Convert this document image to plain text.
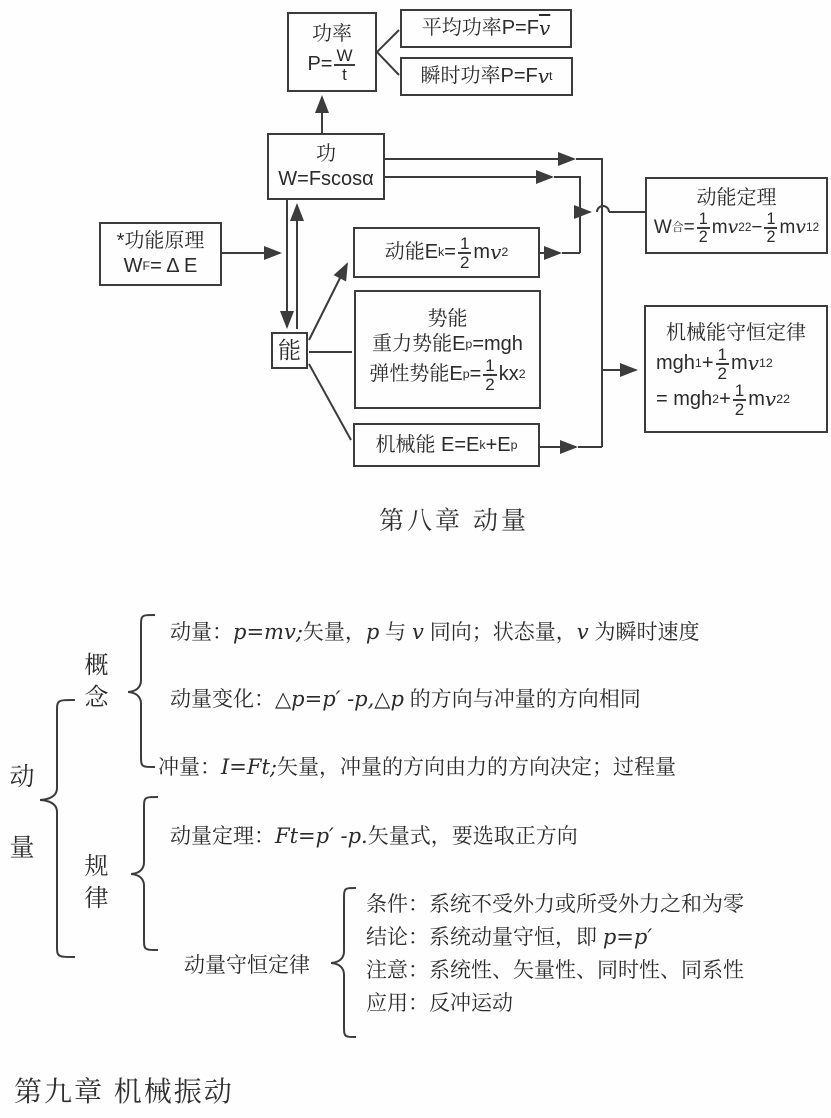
功率
$P= \frac{W}{t}$
平均功率P=F $\overline{v}$
瞬时功率P=F v t
功
W=Fscosα
*功能原理
W F = Δ E
能
动能E $k = \frac{1}{2}$ m v 2
势能
重力势能E p =mgh
弹性势能E $p = \frac{1}{2}$ kx 2
机械能 E=E k +E p
动能定理
W 合 = $\frac{1}{2}$ m v 2 $2 - \frac{1}{2}$ m v 1 2
机械能守恒定律
mgh $1 + \frac{1}{2}$ m v 1 2
= mgh $2 + \frac{1}{2}$ m v 2 2
第八章 动量
第九章 机械振动
动量
概念
规律
动量：p=mv;矢量，p 与 v 同向；状态量，v 为瞬时速度
动量变化：△p=p′ -p,△p 的方向与冲量的方向相同
冲量：I=Ft;矢量，冲量的方向由力的方向决定；过程量
动量定理：Ft=p′ -p.矢量式，要选取正方向
动量守恒定律
条件：系统不受外力或所受外力之和为零
结论：系统动量守恒，即 p=p′
注意：系统性、矢量性、同时性、同系性
应用：反冲运动
